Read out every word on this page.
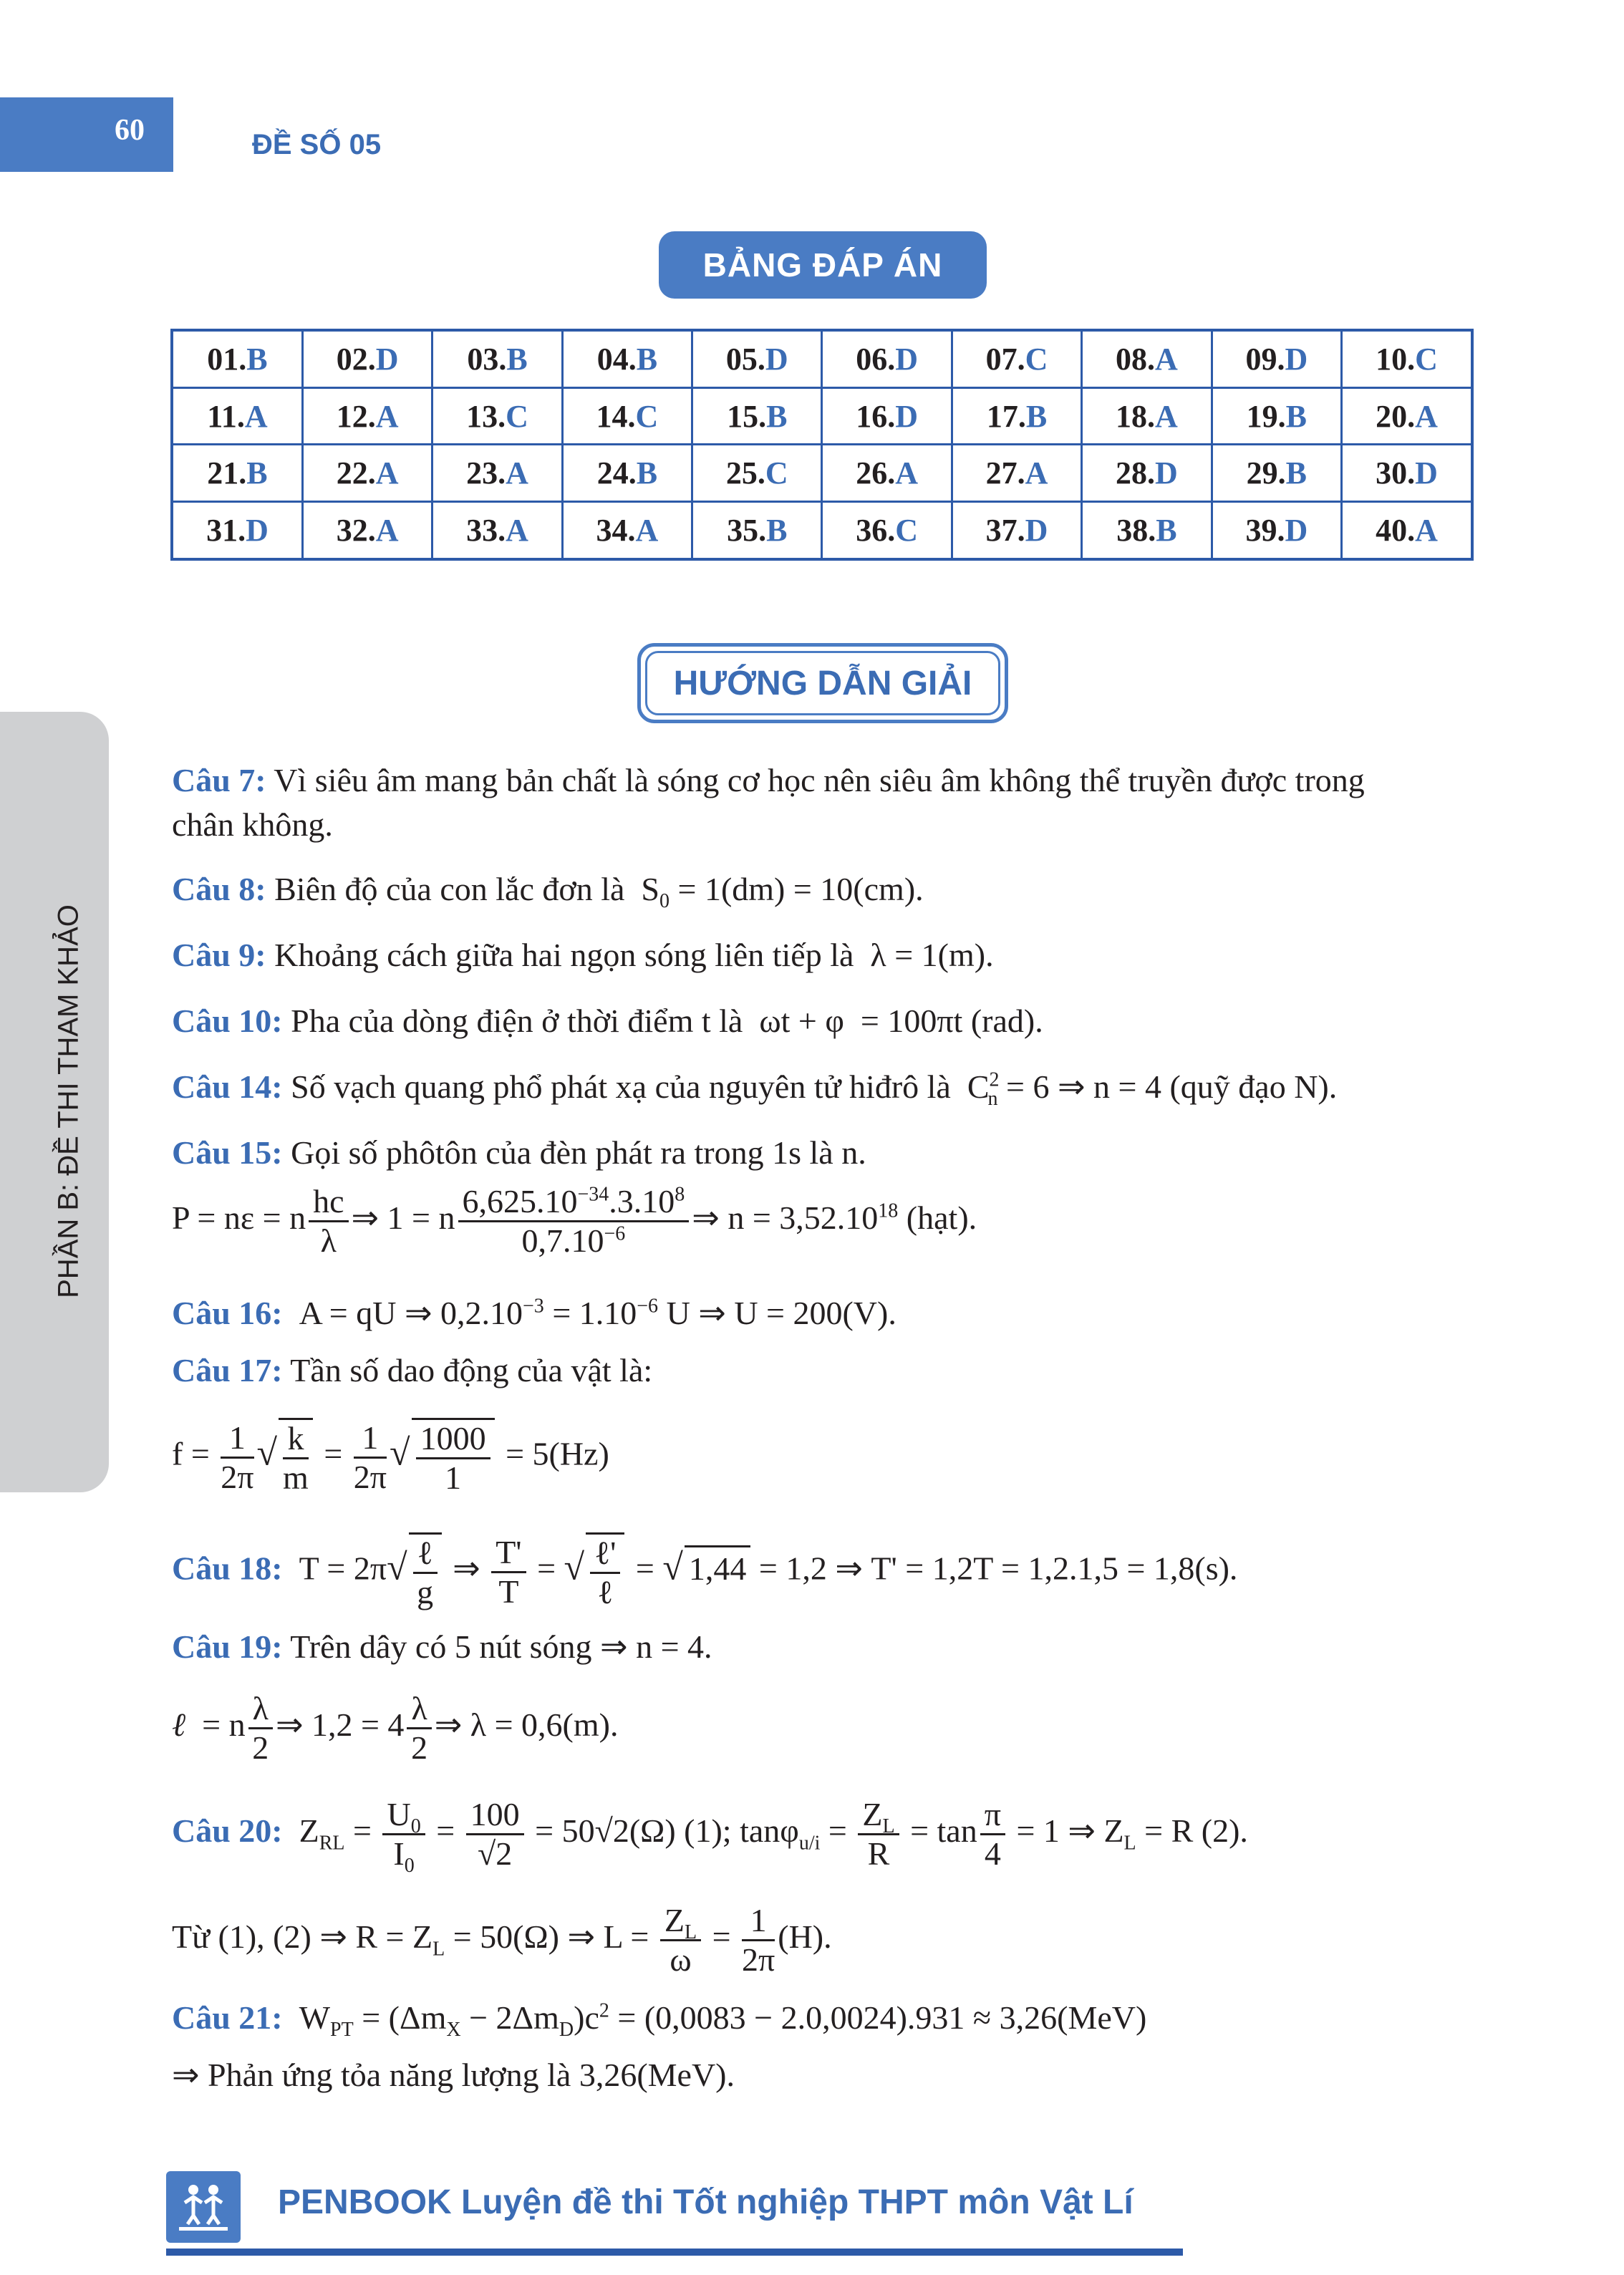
60	ĐỀ SỐ 05
BẢNG ĐÁP ÁN
01.B	02.D	03.B	04.B	05.D	06.D	07.C	08.A	09.D	10.C
11.A	12.A	13.C	14.C	15.B	16.D	17.B	18.A	19.B	20.A
21.B	22.A	23.A	24.B	25.C	26.A	27.A	28.D	29.B	30.D
31.D	32.A	33.A	34.A	35.B	36.C	37.D	38.B	39.D	40.A
HƯỚNG DẪN GIẢI
PHẦN B: ĐỀ THI THAM KHẢO
Câu 7: Vì siêu âm mang bản chất là sóng cơ học nên siêu âm không thể truyền được trong
chân không.
Câu 8: Biên độ của con lắc đơn là  $S_0 = 1(dm) = 10(cm)$.
Câu 9: Khoảng cách giữa hai ngọn sóng liên tiếp là  λ = 1(m).
Câu 10: Pha của dòng điện ở thời điểm t là  ωt + φ  = 100πt (rad).
Câu 14: Số vạch quang phổ phát xạ của nguyên tử hiđrô là  $C^2_n = 6$ ⇒ n = 4 (quỹ đạo N).
Câu 15: Gọi số phôtôn của đèn phát ra trong 1s là n.
P = nε = n $\frac{hc}{\lambda}$ ⇒ 1 = n $\frac{6,625.10^{-34}.3.10^8}{0,7.10^{-6}}$ ⇒ $n = 3,52.10^{18}$ (hạt).
Câu 16:  A = qU ⇒ $0,2.10^{-3} = 1.10^{-6}$ U ⇒ U = 200(V).
Câu 17: Tần số dao động của vật là:
$f = \frac{1}{2\pi}$ √ $\frac{k}{m} = \frac{1}{2\pi}$ √ $\frac{1000}{1} = 5(Hz)$
Câu 18:  $T = 2\pi√ \frac{\text{ℓ}}{g}$ ⇒ $\frac{T'}{T}$ = √ $\frac{\text{ℓ'}}{\text{ℓ}}$ = √ 1,44 = 1,2 ⇒ T' = 1,2T = 1,2.1,5 = 1,8(s).
Câu 19: Trên dây có 5 nút sóng ⇒ n = 4.
ℓ  = n $\frac{\lambda}{2}$ ⇒ $1,2 = 4 \frac{\lambda}{2}$ ⇒ λ = 0,6(m).
Câu 20:  $Z_{RL} = \frac{U_0}{I_0} = \frac{100}{√2} = 50√2(\Omega)$ (1); $\tan\varphi_{u/i} = \frac{Z_L}{R} = \tan \frac{\pi}{4} = 1$ ⇒ $Z_L = R$ (2).
Từ (1), (2) ⇒ $R = Z_L = 50(\Omega)$ ⇒ $L = \frac{Z_L}{\omega} = \frac{1}{2\pi} (H)$.
Câu 21:  $W_{PT} = (\Delta m_X - 2\Delta m_D)c^2 = (0,0083 - 2.0,0024).931 \approx 3,26(MeV)$
⇒ Phản ứng tỏa năng lượng là 3,26(MeV).
PENBOOK Luyện đề thi Tốt nghiệp THPT môn Vật Lí
